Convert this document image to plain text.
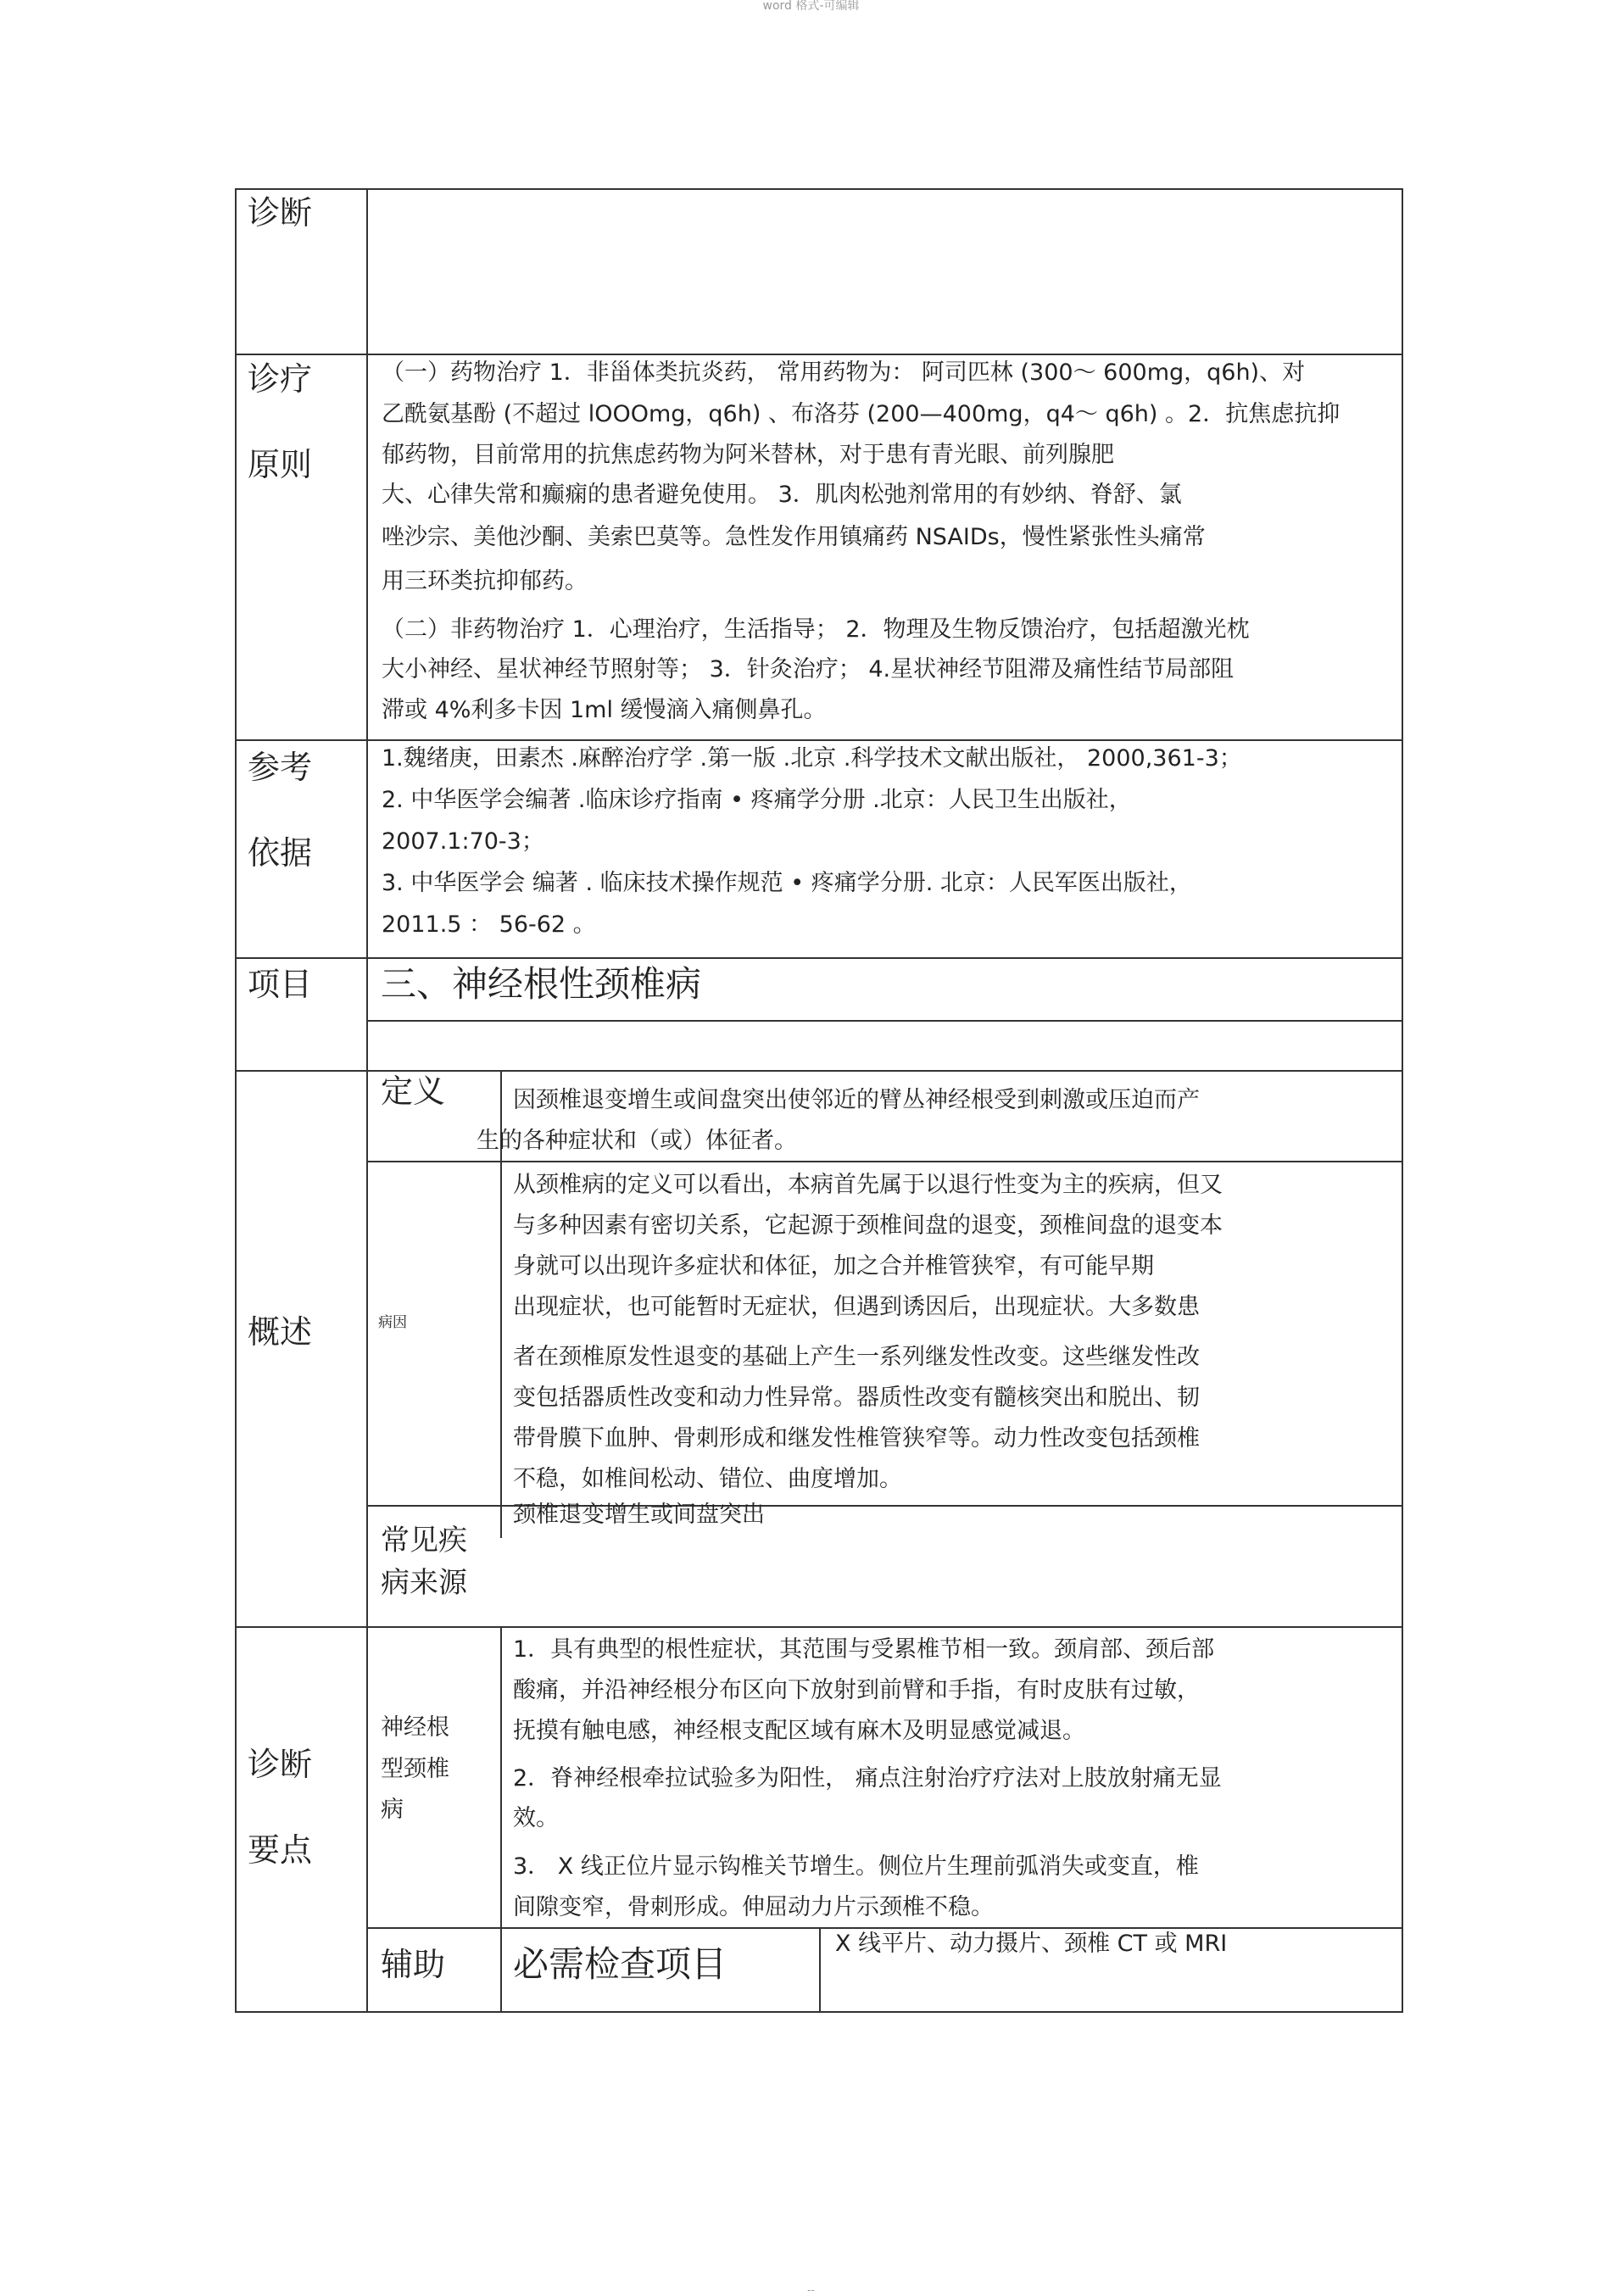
word 格式-可编辑
诊断
诊疗
原则
（一）药物治疗 1．非甾体类抗炎药， 常用药物为： 阿司匹林 (300～ 600mg，q6h)、对
乙酰氨基酚 (不超过 lOOOmg，q6h) 、布洛芬 (200—400mg，q4～ q6h) 。2．抗焦虑抗抑
郁药物，目前常用的抗焦虑药物为阿米替林，对于患有青光眼、前列腺肥
大、心律失常和癫痫的患者避免使用。 3．肌肉松弛剂常用的有妙纳、脊舒、氯
唑沙宗、美他沙酮、美索巴莫等。急性发作用镇痛药 NSAIDs，慢性紧张性头痛常
用三环类抗抑郁药。
（二）非药物治疗 1．心理治疗，生活指导； 2．物理及生物反馈治疗，包括超激光枕
大小神经、星状神经节照射等； 3．针灸治疗； 4.星状神经节阻滞及痛性结节局部阻
滞或 4%利多卡因 1ml 缓慢滴入痛侧鼻孔。
参考
依据
1.魏绪庚，田素杰 .麻醉治疗学 .第一版 .北京 .科学技术文献出版社， 2000,361-3；
2. 中华医学会编著 .临床诊疗指南 • 疼痛学分册 .北京：人民卫生出版社，
2007.1:70-3；
3. 中华医学会 编著 . 临床技术操作规范 • 疼痛学分册. 北京：人民军医出版社，
2011.5 ： 56-62 。
项目 三、神经根性颈椎病
概述
定义	因颈椎退变增生或间盘突出使邻近的臂丛神经根受到刺激或压迫而产
生的各种症状和（或）体征者。
病因
从颈椎病的定义可以看出，本病首先属于以退行性变为主的疾病，但又
与多种因素有密切关系，它起源于颈椎间盘的退变，颈椎间盘的退变本
身就可以出现许多症状和体征，加之合并椎管狭窄，有可能早期
出现症状，也可能暂时无症状，但遇到诱因后，出现症状。大多数患
者在颈椎原发性退变的基础上产生一系列继发性改变。这些继发性改
变包括器质性改变和动力性异常。器质性改变有髓核突出和脱出、韧
带骨膜下血肿、骨刺形成和继发性椎管狭窄等。动力性改变包括颈椎
不稳，如椎间松动、错位、曲度增加。
常见疾
病来源
颈椎退变增生或间盘突出
诊断
要点
神经根
型颈椎
病
1．具有典型的根性症状，其范围与受累椎节相一致。颈肩部、颈后部
酸痛，并沿神经根分布区向下放射到前臂和手指，有时皮肤有过敏，
抚摸有触电感，神经根支配区域有麻木及明显感觉减退。
2．脊神经根牵拉试验多为阳性， 痛点注射治疗疗法对上肢放射痛无显
效。
3． X 线正位片显示钩椎关节增生。侧位片生理前弧消失或变直，椎
间隙变窄，骨刺形成。伸屈动力片示颈椎不稳。
辅助 必需检查项目	X 线平片、动力摄片、颈椎 CT 或 MRI
--
